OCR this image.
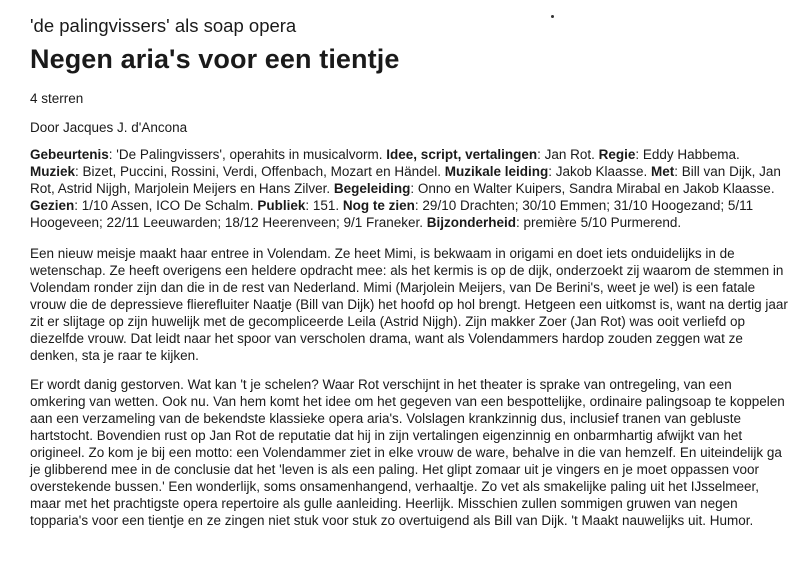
'de palingvissers' als soap opera
Negen aria's voor een tientje

4 sterren

Door Jacques J. d'Ancona

Gebeurtenis: 'De Palingvissers', operahits in musicalvorm. Idee, script, vertalingen: Jan Rot. Regie: Eddy Habbema. Muziek: Bizet, Puccini, Rossini, Verdi, Offenbach, Mozart en Händel. Muzikale leiding: Jakob Klaasse. Met: Bill van Dijk, Jan Rot, Astrid Nijgh, Marjolein Meijers en Hans Zilver. Begeleiding: Onno en Walter Kuipers, Sandra Mirabal en Jakob Klaasse. Gezien: 1/10 Assen, ICO De Schalm. Publiek: 151. Nog te zien: 29/10 Drachten; 30/10 Emmen; 31/10 Hoogezand; 5/11 Hoogeveen; 22/11 Leeuwarden; 18/12 Heerenveen; 9/1 Franeker. Bijzonderheid: première 5/10 Purmerend.

Een nieuw meisje maakt haar entree in Volendam. Ze heet Mimi, is bekwaam in origami en doet iets onduidelijks in de wetenschap. Ze heeft overigens een heldere opdracht mee: als het kermis is op de dijk, onderzoekt zij waarom de stemmen in Volendam ronder zijn dan die in de rest van Nederland. Mimi (Marjolein Meijers, van De Berini's, weet je wel) is een fatale vrouw die de depressieve flierefluiter Naatje (Bill van Dijk) het hoofd op hol brengt. Hetgeen een uitkomst is, want na dertig jaar zit er slijtage op zijn huwelijk met de gecompliceerde Leila (Astrid Nijgh). Zijn makker Zoer (Jan Rot) was ooit verliefd op diezelfde vrouw. Dat leidt naar het spoor van verscholen drama, want als Volendammers hardop zouden zeggen wat ze denken, sta je raar te kijken.

Er wordt danig gestorven. Wat kan 't je schelen? Waar Rot verschijnt in het theater is sprake van ontregeling, van een omkering van wetten. Ook nu. Van hem komt het idee om het gegeven van een bespottelijke, ordinaire palingsoap te koppelen aan een verzameling van de bekendste klassieke opera aria's. Volslagen krankzinnig dus, inclusief tranen van gebluste hartstocht. Bovendien rust op Jan Rot de reputatie dat hij in zijn vertalingen eigenzinnig en onbarmhartig afwijkt van het origineel. Zo kom je bij een motto: een Volendammer ziet in elke vrouw de ware, behalve in die van hemzelf. En uiteindelijk ga je glibberend mee in de conclusie dat het 'leven is als een paling. Het glipt zomaar uit je vingers en je moet oppassen voor overstekende bussen.' Een wonderlijk, soms onsamenhangend, verhaaltje. Zo vet als smakelijke paling uit het IJsselmeer, maar met het prachtigste opera repertoire als gulle aanleiding. Heerlijk. Misschien zullen sommigen gruwen van negen topparia's voor een tientje en ze zingen niet stuk voor stuk zo overtuigend als Bill van Dijk. 't Maakt nauwelijks uit. Humor.
